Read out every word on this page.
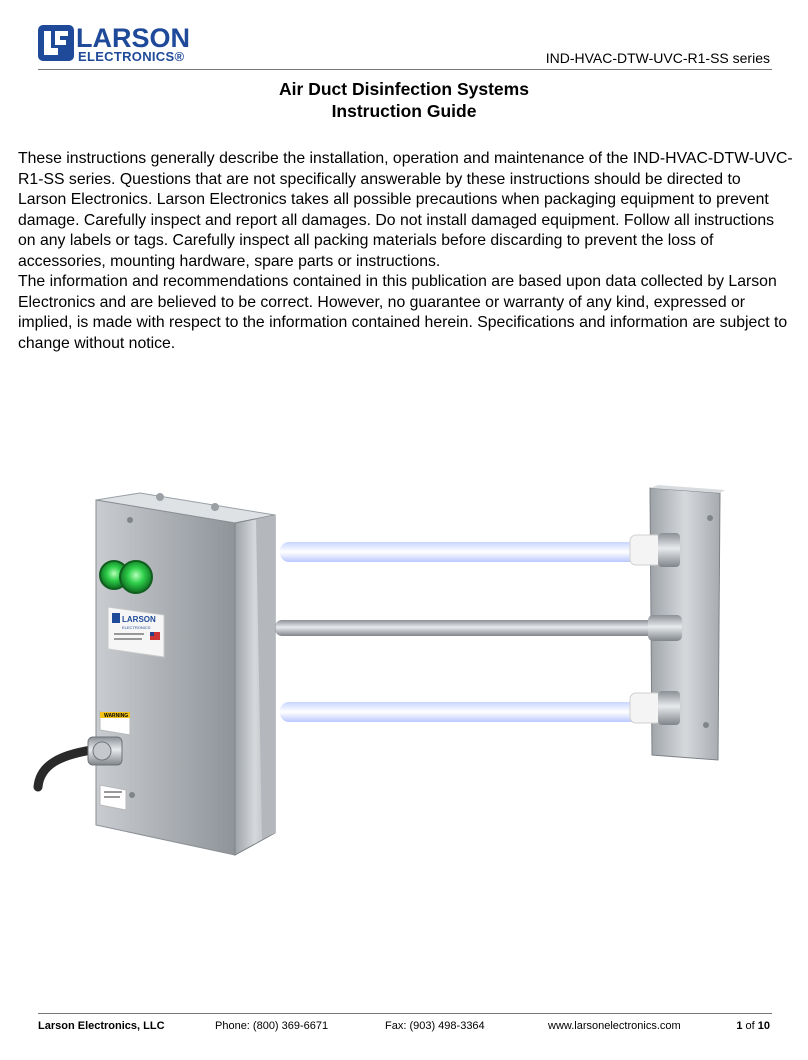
LARSON
ELECTRONICS®	IND-HVAC-DTW-UVC-R1-SS series
Air Duct Disinfection Systems
Instruction Guide
These instructions generally describe the installation, operation and maintenance of the IND-HVAC-DTW-UVC-R1-SS series. Questions that are not specifically answerable by these instructions should be directed to Larson Electronics. Larson Electronics takes all possible precautions when packaging equipment to prevent damage. Carefully inspect and report all damages. Do not install damaged equipment. Follow all instructions on any labels or tags. Carefully inspect all packing materials before discarding to prevent the loss of accessories, mounting hardware, spare parts or instructions.
The information and recommendations contained in this publication are based upon data collected by Larson Electronics and are believed to be correct. However, no guarantee or warranty of any kind, expressed or implied, is made with respect to the information contained herein. Specifications and information are subject to change without notice.
LARSON
ELECTRONICS
WARNING
Larson Electronics, LLC	Phone: (800) 369-6671	Fax: (903) 498-3364	www.larsonelectronics.com	1 of 10
